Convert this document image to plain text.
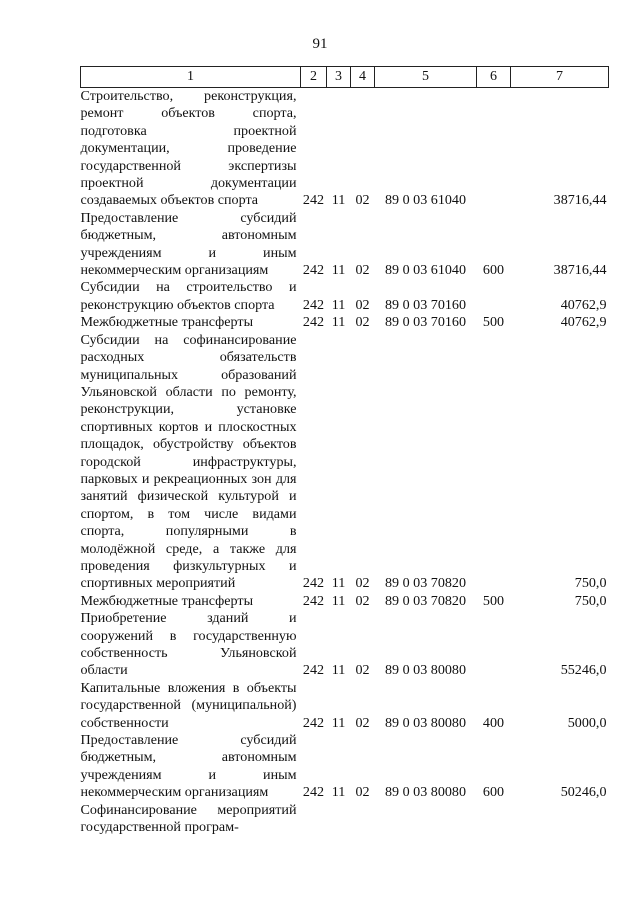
91
1	2	3	4	5	6	7
Строительство, реконструкция, ремонт объектов спорта, подготовка проектной документации, проведение государственной экспертизы проектной документации создаваемых объектов спорта	242	11	02	89 0 03 61040		38716,44
Предоставление субсидий бюджетным, автономным учреждениям и иным некоммерческим организациям	242	11	02	89 0 03 61040	600	38716,44
Субсидии на строительство и реконструкцию объектов спорта	242	11	02	89 0 03 70160		40762,9
Межбюджетные трансферты	242	11	02	89 0 03 70160	500	40762,9
Субсидии на софинансирование расходных обязательств муниципальных образований Ульяновской области по ремонту, реконструкции, установке спортивных кортов и плоскостных площадок, обустройству объектов городской инфраструктуры, парковых и рекреационных зон для занятий физической культурой и спортом, в том числе видами спорта, популярными в молодёжной среде, а также для проведения физкультурных и спортивных мероприятий	242	11	02	89 0 03 70820		750,0
Межбюджетные трансферты	242	11	02	89 0 03 70820	500	750,0
Приобретение зданий и сооружений в государственную собственность Ульяновской области	242	11	02	89 0 03 80080		55246,0
Капитальные вложения в объекты государственной (муниципальной) собственности	242	11	02	89 0 03 80080	400	5000,0
Предоставление субсидий бюджетным, автономным учреждениям и иным некоммерческим организациям	242	11	02	89 0 03 80080	600	50246,0
Софинансирование мероприятий государственной програм-						
